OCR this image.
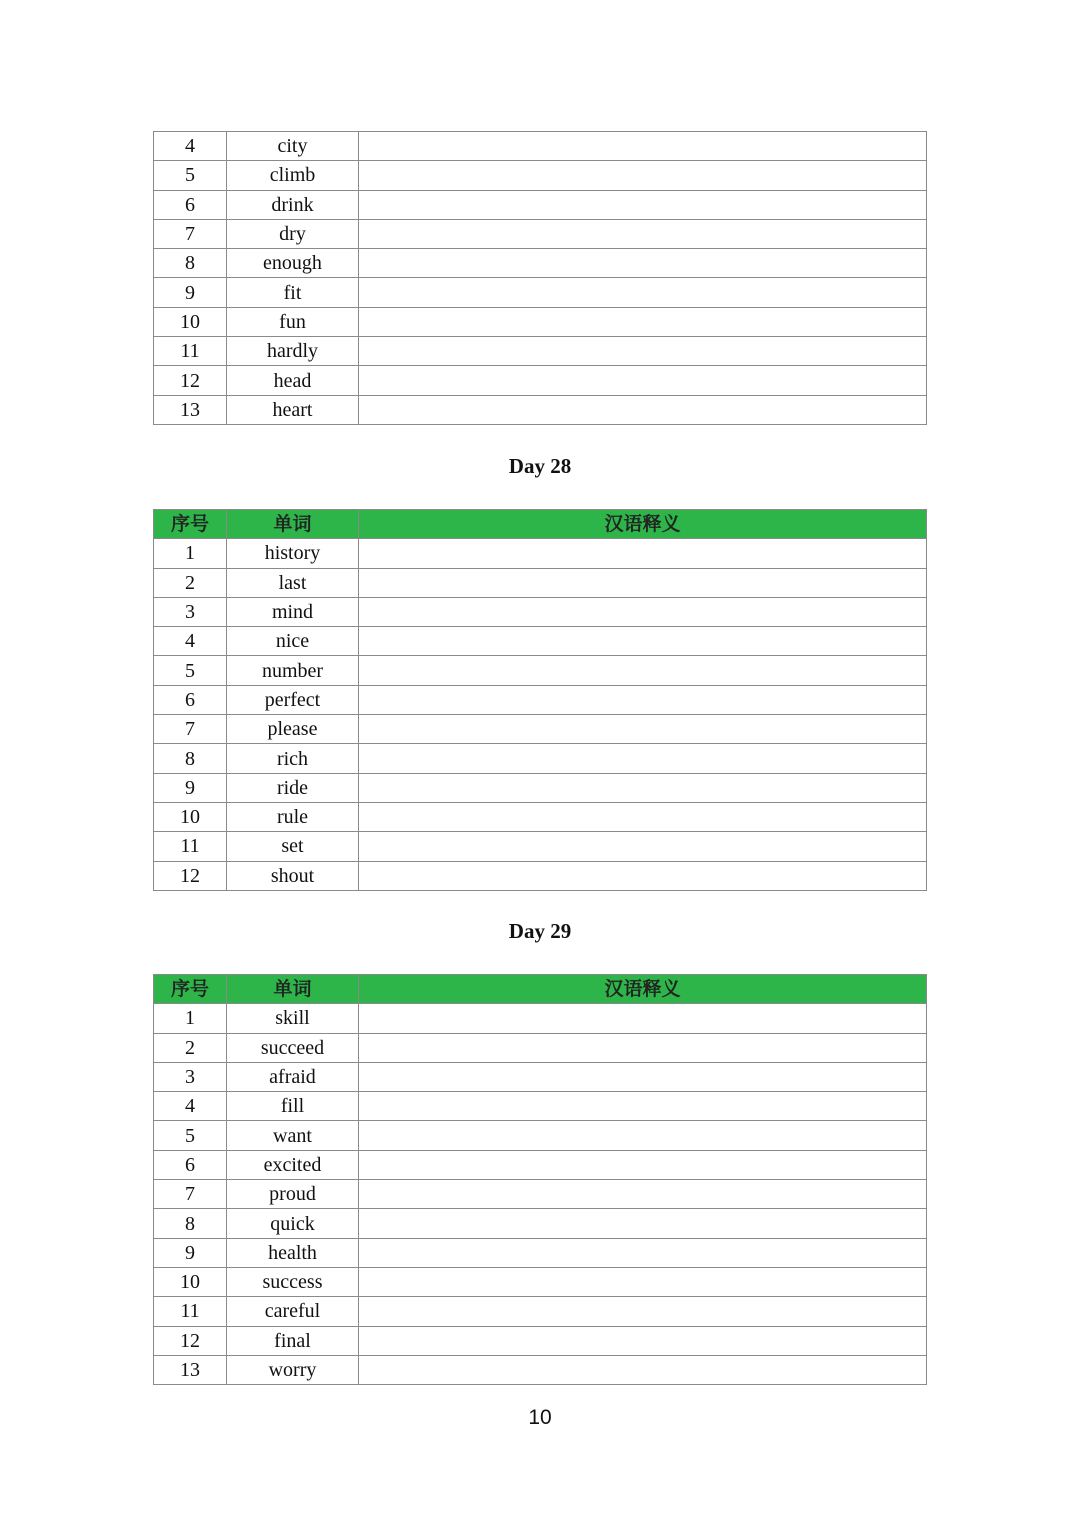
4	city	
5	climb	
6	drink	
7	dry	
8	enough	
9	fit	
10	fun	
11	hardly	
12	head	
13	heart	
Day 28
序号	单词	汉语释义
1	history	
2	last	
3	mind	
4	nice	
5	number	
6	perfect	
7	please	
8	rich	
9	ride	
10	rule	
11	set	
12	shout	
Day 29
序号	单词	汉语释义
1	skill	
2	succeed	
3	afraid	
4	fill	
5	want	
6	excited	
7	proud	
8	quick	
9	health	
10	success	
11	careful	
12	final	
13	worry	
10
